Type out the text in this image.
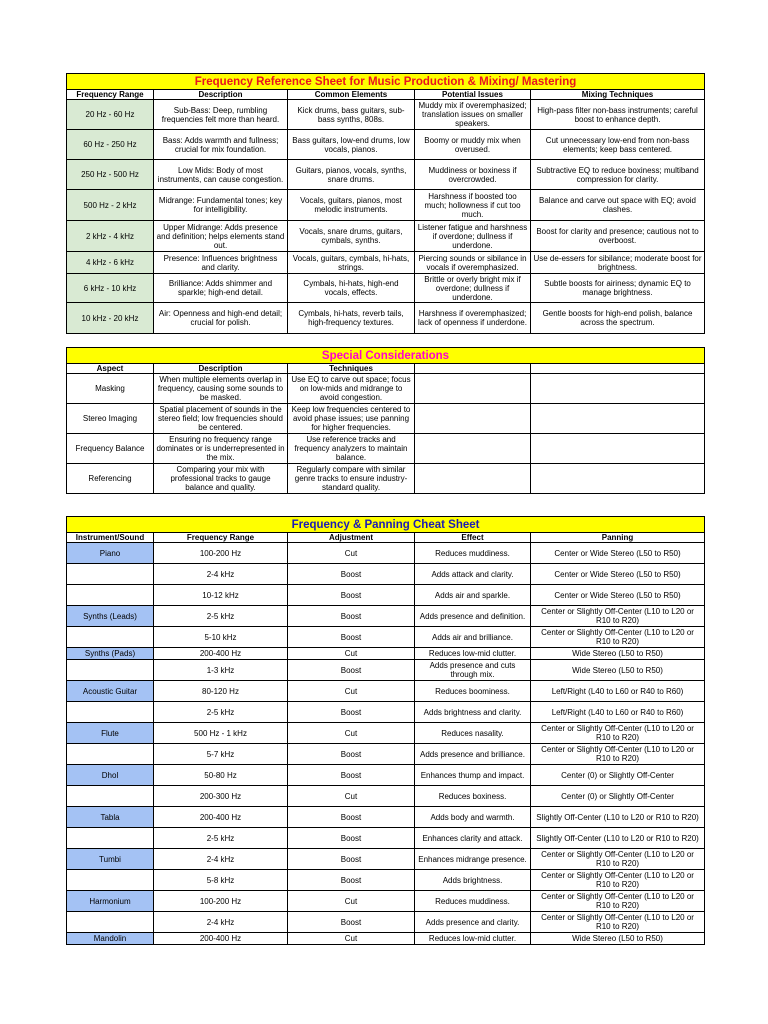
Frequency Reference Sheet for Music Production & Mixing/ Mastering				
Frequency Range	Description	Common Elements	Potential Issues	Mixing Techniques
20 Hz - 60 Hz	Sub-Bass: Deep, rumbling frequencies felt more than heard.	Kick drums, bass guitars, sub-bass synths, 808s.	Muddy mix if overemphasized; translation issues on smaller speakers.	High-pass filter non-bass instruments; careful boost to enhance depth.
60 Hz - 250 Hz	Bass: Adds warmth and fullness; crucial for mix foundation.	Bass guitars, low-end drums, low vocals, pianos.	Boomy or muddy mix when overused.	Cut unnecessary low-end from non-bass elements; keep bass centered.
250 Hz - 500 Hz	Low Mids: Body of most instruments, can cause congestion.	Guitars, pianos, vocals, synths, snare drums.	Muddiness or boxiness if overcrowded.	Subtractive EQ to reduce boxiness; multiband compression for clarity.
500 Hz - 2 kHz	Midrange: Fundamental tones; key for intelligibility.	Vocals, guitars, pianos, most melodic instruments.	Harshness if boosted too much; hollowness if cut too much.	Balance and carve out space with EQ; avoid clashes.
2 kHz - 4 kHz	Upper Midrange: Adds presence and definition; helps elements stand out.	Vocals, snare drums, guitars, cymbals, synths.	Listener fatigue and harshness if overdone; dullness if underdone.	Boost for clarity and presence; cautious not to overboost.
4 kHz - 6 kHz	Presence: Influences brightness and clarity.	Vocals, guitars, cymbals, hi-hats, strings.	Piercing sounds or sibilance in vocals if overemphasized.	Use de-essers for sibilance; moderate boost for brightness.
6 kHz - 10 kHz	Brilliance: Adds shimmer and sparkle; high-end detail.	Cymbals, hi-hats, high-end vocals, effects.	Brittle or overly bright mix if overdone; dullness if underdone.	Subtle boosts for airiness; dynamic EQ to manage brightness.
10 kHz - 20 kHz	Air: Openness and high-end detail; crucial for polish.	Cymbals, hi-hats, reverb tails, high-frequency textures.	Harshness if overemphasized; lack of openness if underdone.	Gentle boosts for high-end polish, balance across the spectrum.
Special Considerations				
Aspect	Description	Techniques		
Masking	When multiple elements overlap in frequency, causing some sounds to be masked.	Use EQ to carve out space; focus on low-mids and midrange to avoid congestion.		
Stereo Imaging	Spatial placement of sounds in the stereo field; low frequencies should be centered.	Keep low frequencies centered to avoid phase issues; use panning for higher frequencies.		
Frequency Balance	Ensuring no frequency range dominates or is underrepresented in the mix.	Use reference tracks and frequency analyzers to maintain balance.		
Referencing	Comparing your mix with professional tracks to gauge balance and quality.	Regularly compare with similar genre tracks to ensure industry-standard quality.		
Frequency & Panning Cheat Sheet				
Instrument/Sound	Frequency Range	Adjustment	Effect	Panning
Piano	100-200 Hz	Cut	Reduces muddiness.	Center or Wide Stereo (L50 to R50)
	2-4 kHz	Boost	Adds attack and clarity.	Center or Wide Stereo (L50 to R50)
	10-12 kHz	Boost	Adds air and sparkle.	Center or Wide Stereo (L50 to R50)
Synths (Leads)	2-5 kHz	Boost	Adds presence and definition.	Center or Slightly Off-Center (L10 to L20 or R10 to R20)
	5-10 kHz	Boost	Adds air and brilliance.	Center or Slightly Off-Center (L10 to L20 or R10 to R20)
Synths (Pads)	200-400 Hz	Cut	Reduces low-mid clutter.	Wide Stereo (L50 to R50)
	1-3 kHz	Boost	Adds presence and cuts through mix.	Wide Stereo (L50 to R50)
Acoustic Guitar	80-120 Hz	Cut	Reduces boominess.	Left/Right (L40 to L60 or R40 to R60)
	2-5 kHz	Boost	Adds brightness and clarity.	Left/Right (L40 to L60 or R40 to R60)
Flute	500 Hz - 1 kHz	Cut	Reduces nasality.	Center or Slightly Off-Center (L10 to L20 or R10 to R20)
	5-7 kHz	Boost	Adds presence and brilliance.	Center or Slightly Off-Center (L10 to L20 or R10 to R20)
Dhol	50-80 Hz	Boost	Enhances thump and impact.	Center (0) or Slightly Off-Center
	200-300 Hz	Cut	Reduces boxiness.	Center (0) or Slightly Off-Center
Tabla	200-400 Hz	Boost	Adds body and warmth.	Slightly Off-Center (L10 to L20 or R10 to R20)
	2-5 kHz	Boost	Enhances clarity and attack.	Slightly Off-Center (L10 to L20 or R10 to R20)
Tumbi	2-4 kHz	Boost	Enhances midrange presence.	Center or Slightly Off-Center (L10 to L20 or R10 to R20)
	5-8 kHz	Boost	Adds brightness.	Center or Slightly Off-Center (L10 to L20 or R10 to R20)
Harmonium	100-200 Hz	Cut	Reduces muddiness.	Center or Slightly Off-Center (L10 to L20 or R10 to R20)
	2-4 kHz	Boost	Adds presence and clarity.	Center or Slightly Off-Center (L10 to L20 or R10 to R20)
Mandolin	200-400 Hz	Cut	Reduces low-mid clutter.	Wide Stereo (L50 to R50)
